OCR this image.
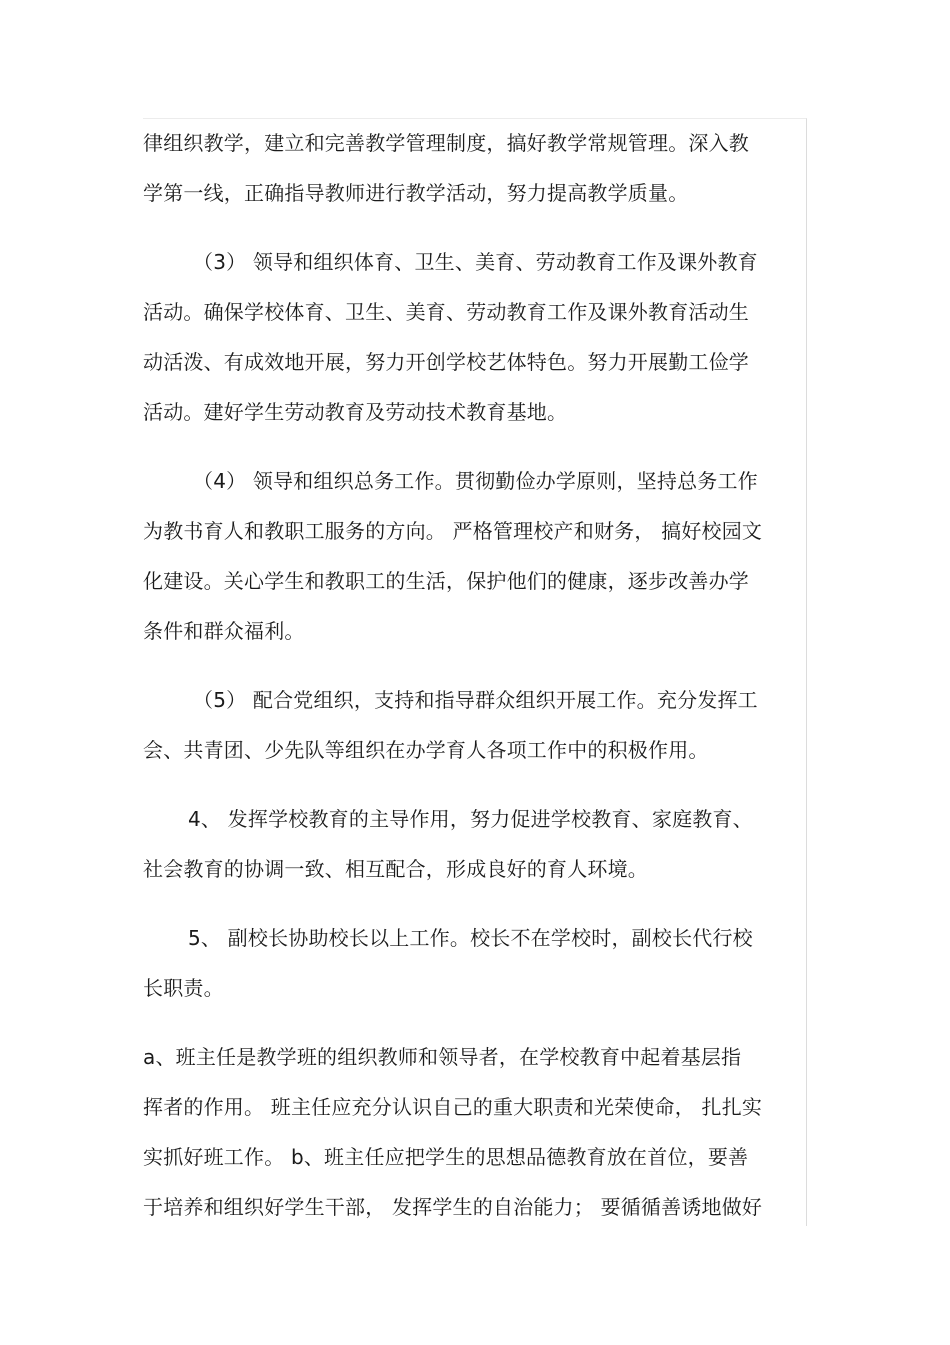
律组织教学，建立和完善教学管理制度，搞好教学常规管理。深入教
学第一线，正确指导教师进行教学活动，努力提高教学质量。
（3） 领导和组织体育、卫生、美育、劳动教育工作及课外教育
活动。确保学校体育、卫生、美育、劳动教育工作及课外教育活动生
动活泼、有成效地开展，努力开创学校艺体特色。努力开展勤工俭学
活动。建好学生劳动教育及劳动技术教育基地。
（4） 领导和组织总务工作。贯彻勤俭办学原则，坚持总务工作
为教书育人和教职工服务的方向。 严格管理校产和财务， 搞好校园文
化建设。关心学生和教职工的生活，保护他们的健康，逐步改善办学
条件和群众福利。
（5） 配合党组织，支持和指导群众组织开展工作。充分发挥工
会、共青团、少先队等组织在办学育人各项工作中的积极作用。
4、 发挥学校教育的主导作用，努力促进学校教育、家庭教育、
社会教育的协调一致、相互配合，形成良好的育人环境。
5、 副校长协助校长以上工作。校长不在学校时，副校长代行校
长职责。
a、班主任是教学班的组织教师和领导者，在学校教育中起着基层指
挥者的作用。 班主任应充分认识自己的重大职责和光荣使命， 扎扎实
实抓好班工作。 b、班主任应把学生的思想品德教育放在首位，要善
于培养和组织好学生干部， 发挥学生的自治能力； 要循循善诱地做好
